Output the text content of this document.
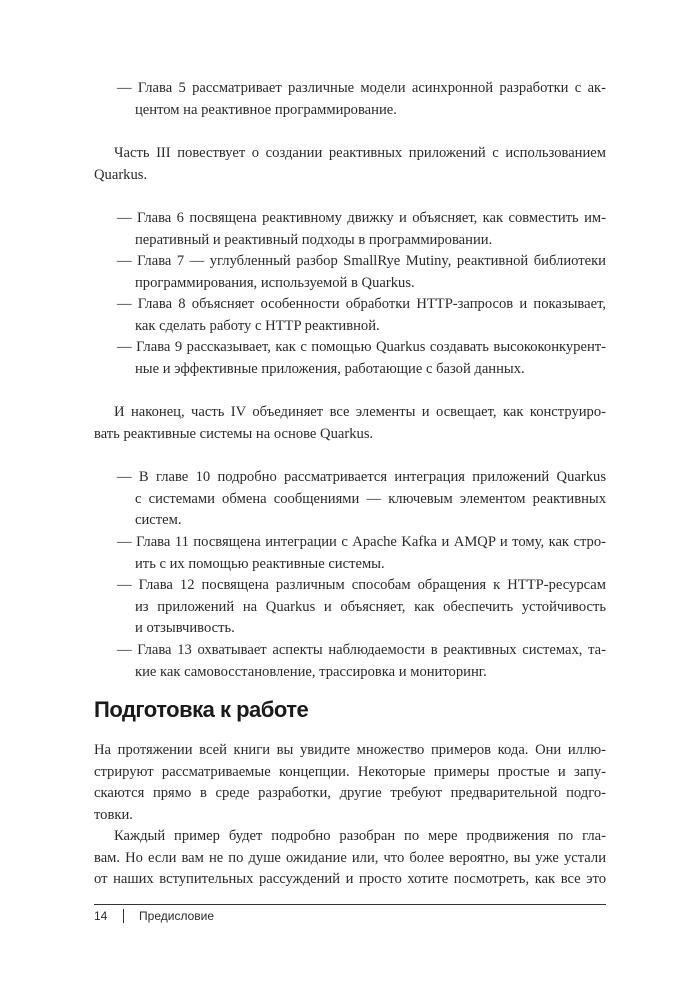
— Глава 5 рассматривает различные модели асинхронной разработки с ак-
центом на реактивное программирование.
Часть III повествует о создании реактивных приложений с использованием
Quarkus.
— Глава 6 посвящена реактивному движку и объясняет, как совместить им-
перативный и реактивный подходы в программировании.
— Глава 7 — углубленный разбор SmallRye Mutiny, реактивной библиотеки
программирования, используемой в Quarkus.
— Глава 8 объясняет особенности обработки HTTP-запросов и показывает,
как сделать работу с HTTP реактивной.
— Глава 9 рассказывает, как с помощью Quarkus создавать высококонкурент-
ные и эффективные приложения, работающие с базой данных.
И наконец, часть IV объединяет все элементы и освещает, как конструиро-
вать реактивные системы на основе Quarkus.
— В главе 10 подробно рассматривается интеграция приложений Quarkus
с системами обмена сообщениями — ключевым элементом реактивных
систем.
— Глава 11 посвящена интеграции с Apache Kafka и AMQP и тому, как стро-
ить с их помощью реактивные системы.
— Глава 12 посвящена различным способам обращения к HTTP-ресурсам
из приложений на Quarkus и объясняет, как обеспечить устойчивость
и отзывчивость.
— Глава 13 охватывает аспекты наблюдаемости в реактивных системах, та-
кие как самовосстановление, трассировка и мониторинг.
Подготовка к работе
На протяжении всей книги вы увидите множество примеров кода. Они иллю-
стрируют рассматриваемые концепции. Некоторые примеры простые и запу-
скаются прямо в среде разработки, другие требуют предварительной подго-
товки.
Каждый пример будет подробно разобран по мере продвижения по гла-
вам. Но если вам не по душе ожидание или, что более вероятно, вы уже устали
от наших вступительных рассуждений и просто хотите посмотреть, как все это
14	Предисловие
